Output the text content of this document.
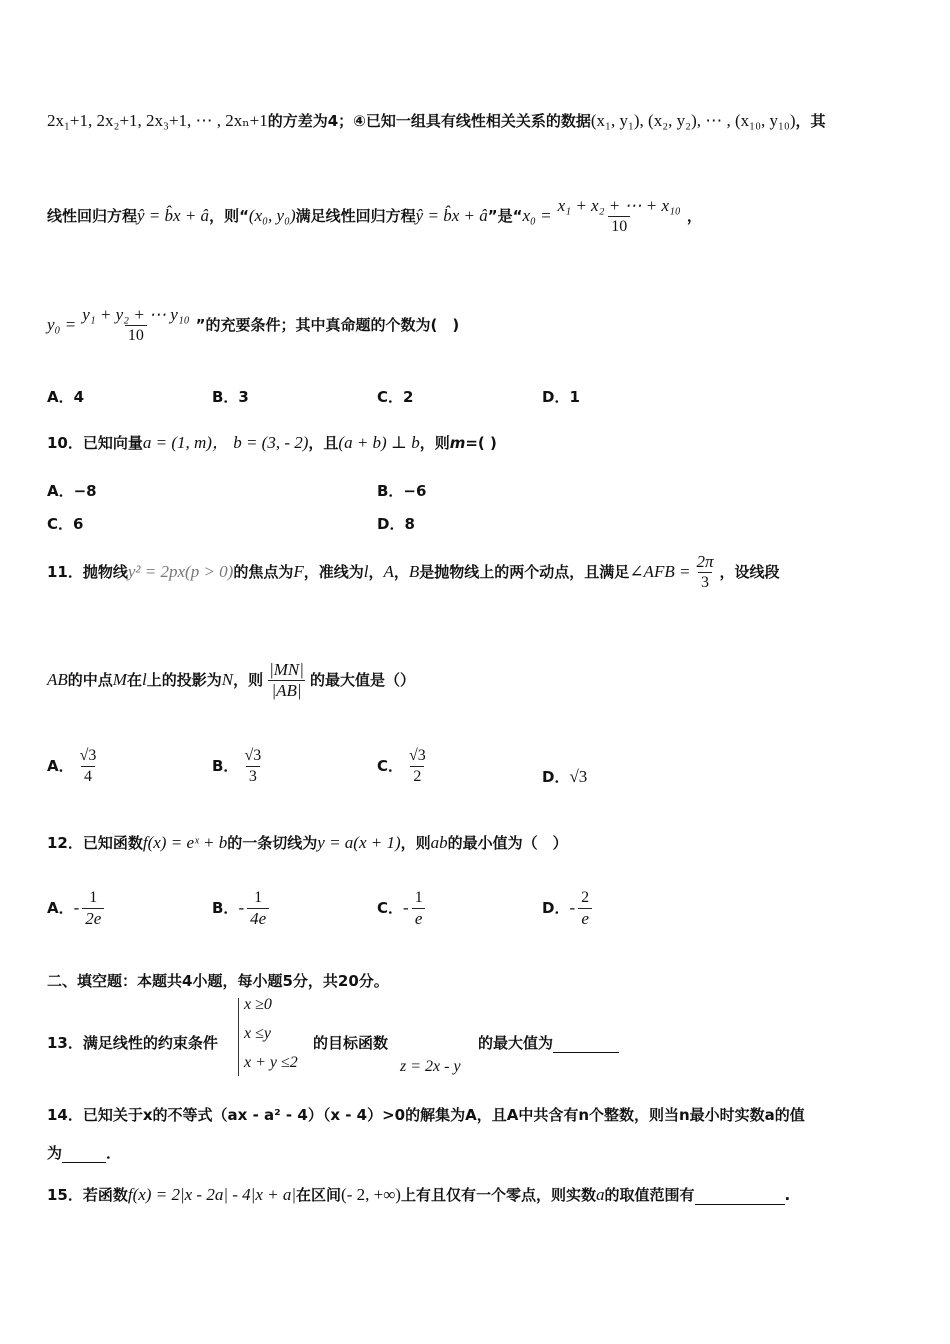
2x₁+1, 2x₂+1, 2x₃+1, ⋯ , 2xₙ+1的方差为4；④已知一组具有线性相关关系的数据(x₁, y₁), (x₂, y₂), ⋯ , (x₁₀, y₁₀)，其
线性回归方程ŷ = b̂x + â，则“(x₀, y₀)满足线性回归方程ŷ = b̂x + â”是“$x_0 = \frac{\text{x₁ + x₂ + ⋯ + x₁₀}}{10}$ ，
$y_0 = \frac{\text{y₁ + y₂ + ⋯ y₁₀}}{10}$ ”的充要条件；其中真命题的个数为(　)
A．4	B．3	C．2	D．1
10．已知向量a = (1, m)， b = (3, - 2)，且(a + b) ⊥ b，则m=( )
A．−8	B．−6
C．6	D．8
11．抛物线y² = 2px(p > 0)的焦点为F，准线为l，A，B是抛物线上的两个动点，且满足∠AFB = $\frac{2\pi}{3}$ ，设线段
AB的中点M在l上的投影为N，则 $\frac{|MN|}{|AB|}$ 的最大值是（）
A． $\frac{√3}{4}$	B． $\frac{√3}{3}$	C． $\frac{√3}{2}$	D．√3
12．已知函数f(x) = eˣ + b的一条切线为y = a(x + 1)，则ab的最小值为（　）
A．- $\frac{1}{2e}$	B．- $\frac{1}{4e}$	C．- $\frac{1}{e}$	D．- $\frac{2}{e}$
二、填空题：本题共4小题，每小题5分，共20分。
13．满足线性的约束条件
x ≥0
x ≤y
x + y ≤2
的目标函数
z = 2x - y
的最大值为
14．已知关于x的不等式（ax - a² - 4）（x - 4）>0的解集为A，且A中共含有n个整数，则当n最小时实数a的值
为	．
15．若函数f(x) = 2|x - 2a| - 4|x + a|在区间(- 2, +∞)上有且仅有一个零点，则实数a的取值范围有	.
